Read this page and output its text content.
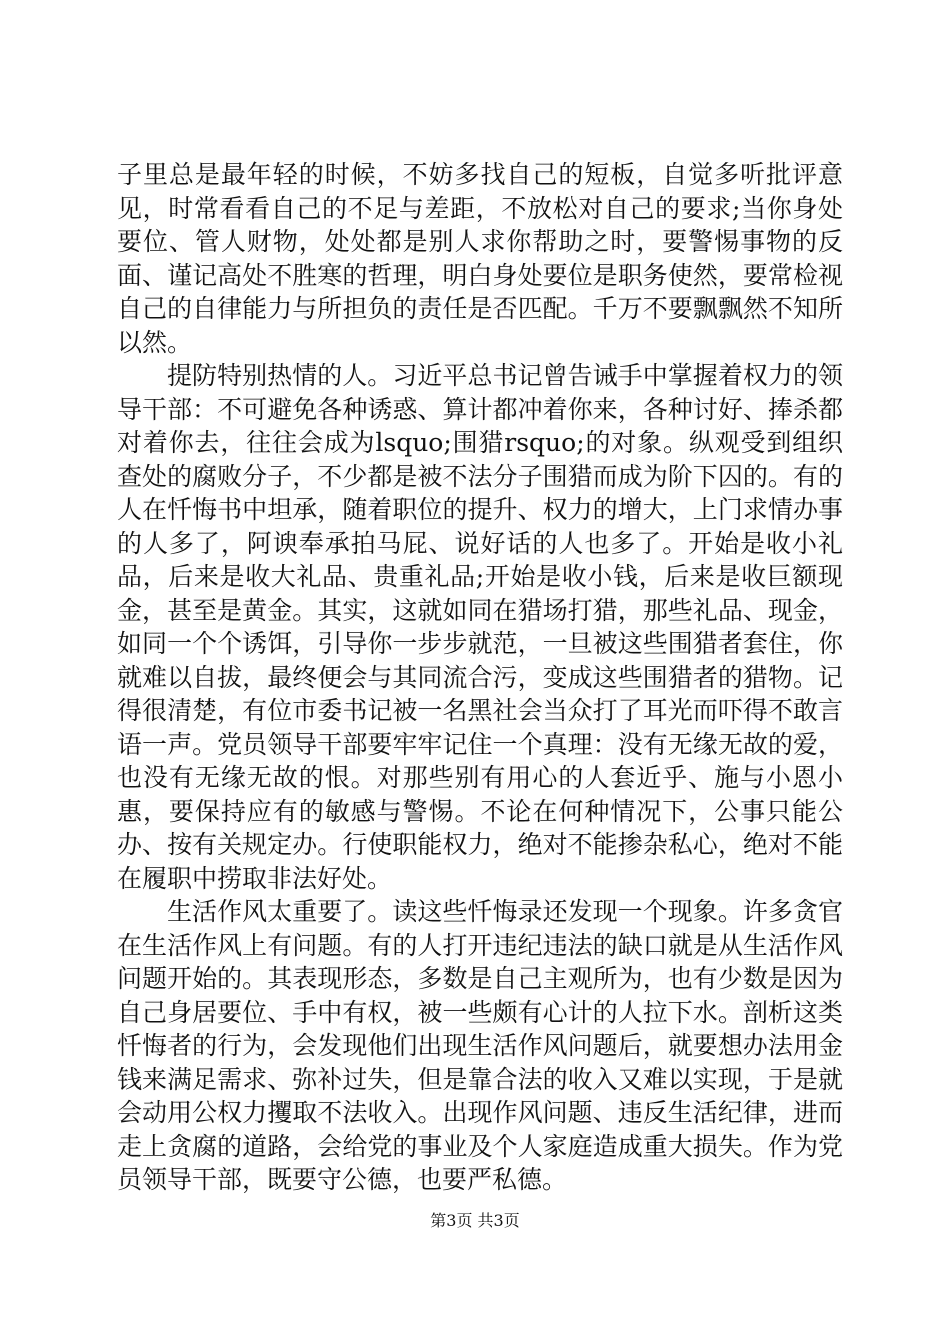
子里总是最年轻的时候，不妨多找自己的短板，自觉多听批评意见，时常看看自己的不足与差距，不放松对自己的要求;当你身处要位、管人财物，处处都是别人求你帮助之时，要警惕事物的反面、谨记高处不胜寒的哲理，明白身处要位是职务使然，要常检视自己的自律能力与所担负的责任是否匹配。千万不要飘飘然不知所以然。

提防特别热情的人。习近平总书记曾告诫手中掌握着权力的领导干部：不可避免各种诱惑、算计都冲着你来，各种讨好、捧杀都对着你去，往往会成为lsquo;围猎rsquo;的对象。纵观受到组织查处的腐败分子，不少都是被不法分子围猎而成为阶下囚的。有的人在忏悔书中坦承，随着职位的提升、权力的增大，上门求情办事的人多了，阿谀奉承拍马屁、说好话的人也多了。开始是收小礼品，后来是收大礼品、贵重礼品;开始是收小钱，后来是收巨额现金，甚至是黄金。其实，这就如同在猎场打猎，那些礼品、现金，如同一个个诱饵，引导你一步步就范，一旦被这些围猎者套住，你就难以自拔，最终便会与其同流合污，变成这些围猎者的猎物。记得很清楚，有位市委书记被一名黑社会当众打了耳光而吓得不敢言语一声。党员领导干部要牢牢记住一个真理：没有无缘无故的爱，也没有无缘无故的恨。对那些别有用心的人套近乎、施与小恩小惠，要保持应有的敏感与警惕。不论在何种情况下，公事只能公办、按有关规定办。行使职能权力，绝对不能掺杂私心，绝对不能在履职中捞取非法好处。

生活作风太重要了。读这些忏悔录还发现一个现象。许多贪官在生活作风上有问题。有的人打开违纪违法的缺口就是从生活作风问题开始的。其表现形态，多数是自己主观所为，也有少数是因为自己身居要位、手中有权，被一些颇有心计的人拉下水。剖析这类忏悔者的行为，会发现他们出现生活作风问题后，就要想办法用金钱来满足需求、弥补过失，但是靠合法的收入又难以实现，于是就会动用公权力攫取不法收入。出现作风问题、违反生活纪律，进而走上贪腐的道路，会给党的事业及个人家庭造成重大损失。作为党员领导干部，既要守公德，也要严私德。

第3页 共3页
